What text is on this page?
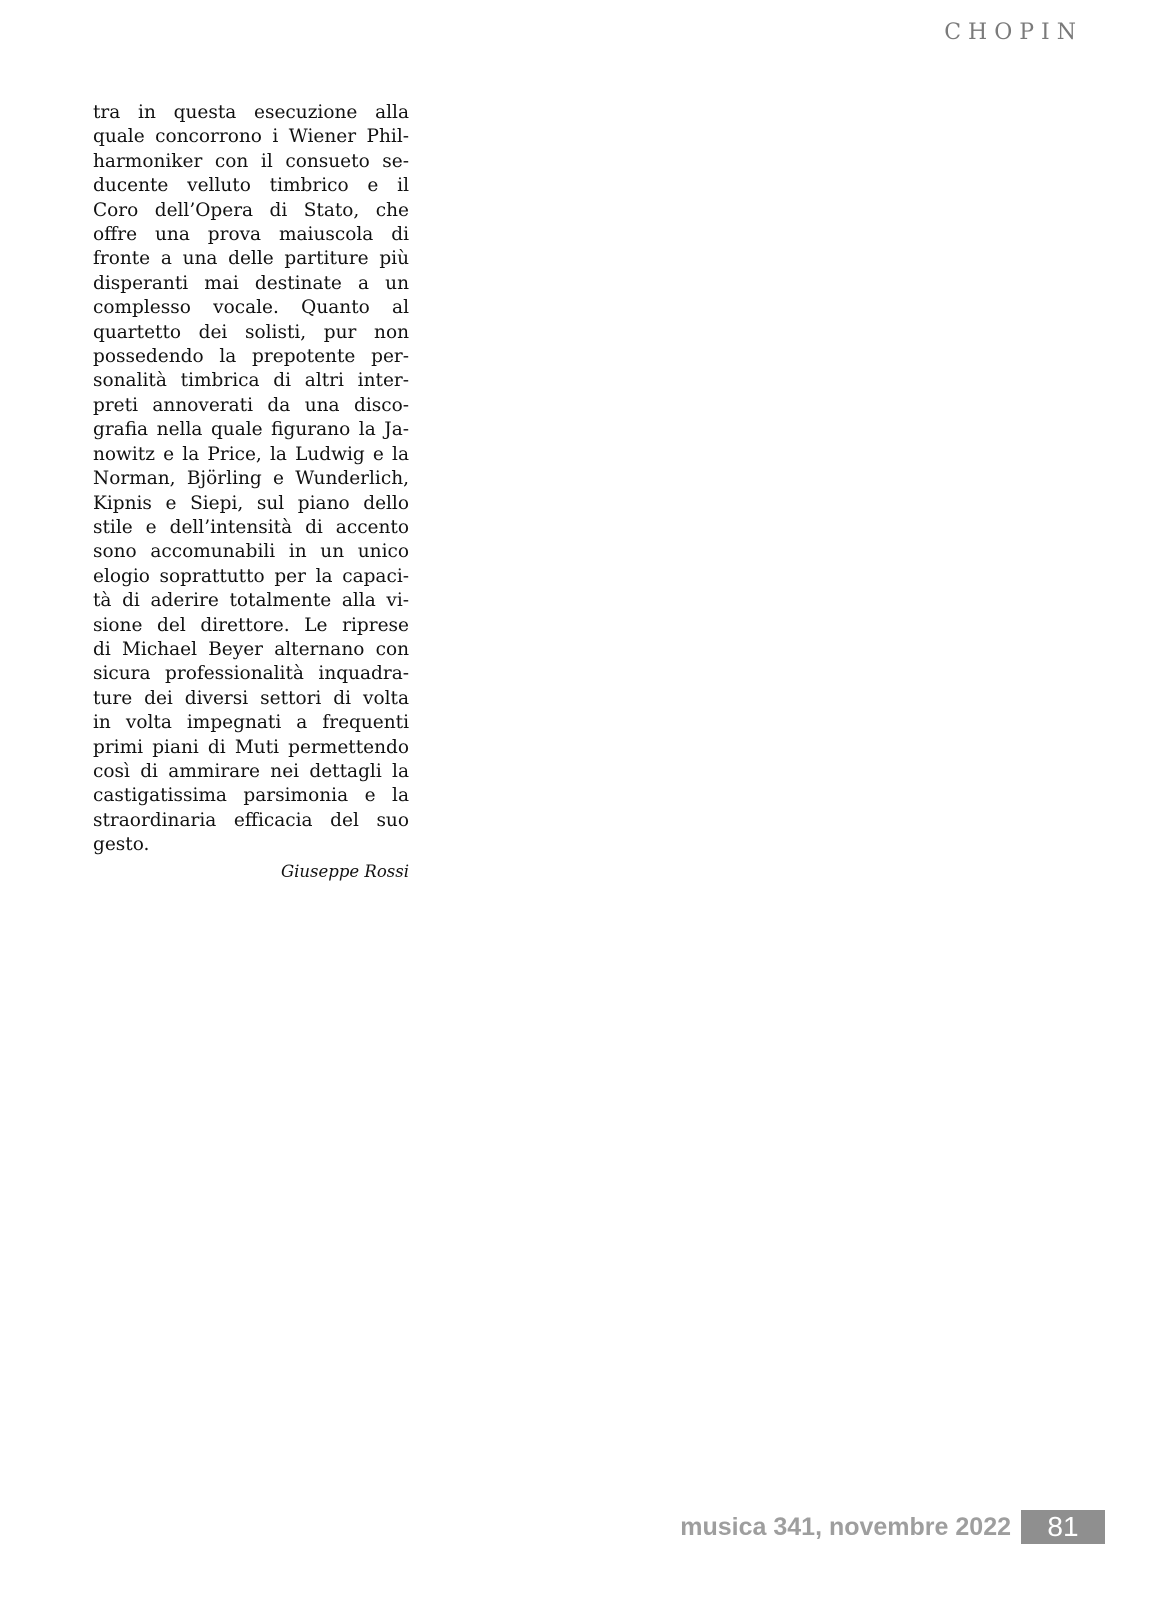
CHOPIN
tra in questa esecuzione alla
quale concorrono i Wiener Phil-
harmoniker con il consueto se-
ducente velluto timbrico e il
Coro dell’Opera di Stato, che
offre una prova maiuscola di
fronte a una delle partiture più
disperanti mai destinate a un
complesso vocale. Quanto al
quartetto dei solisti, pur non
possedendo la prepotente per-
sonalità timbrica di altri inter-
preti annoverati da una disco-
grafia nella quale figurano la Ja-
nowitz e la Price, la Ludwig e la
Norman, Björling e Wunderlich,
Kipnis e Siepi, sul piano dello
stile e dell’intensità di accento
sono accomunabili in un unico
elogio soprattutto per la capaci-
tà di aderire totalmente alla vi-
sione del direttore. Le riprese
di Michael Beyer alternano con
sicura professionalità inquadra-
ture dei diversi settori di volta
in volta impegnati a frequenti
primi piani di Muti permettendo
così di ammirare nei dettagli la
castigatissima parsimonia e la
straordinaria efficacia del suo
gesto.
Giuseppe Rossi
musica 341, novembre 2022	81
